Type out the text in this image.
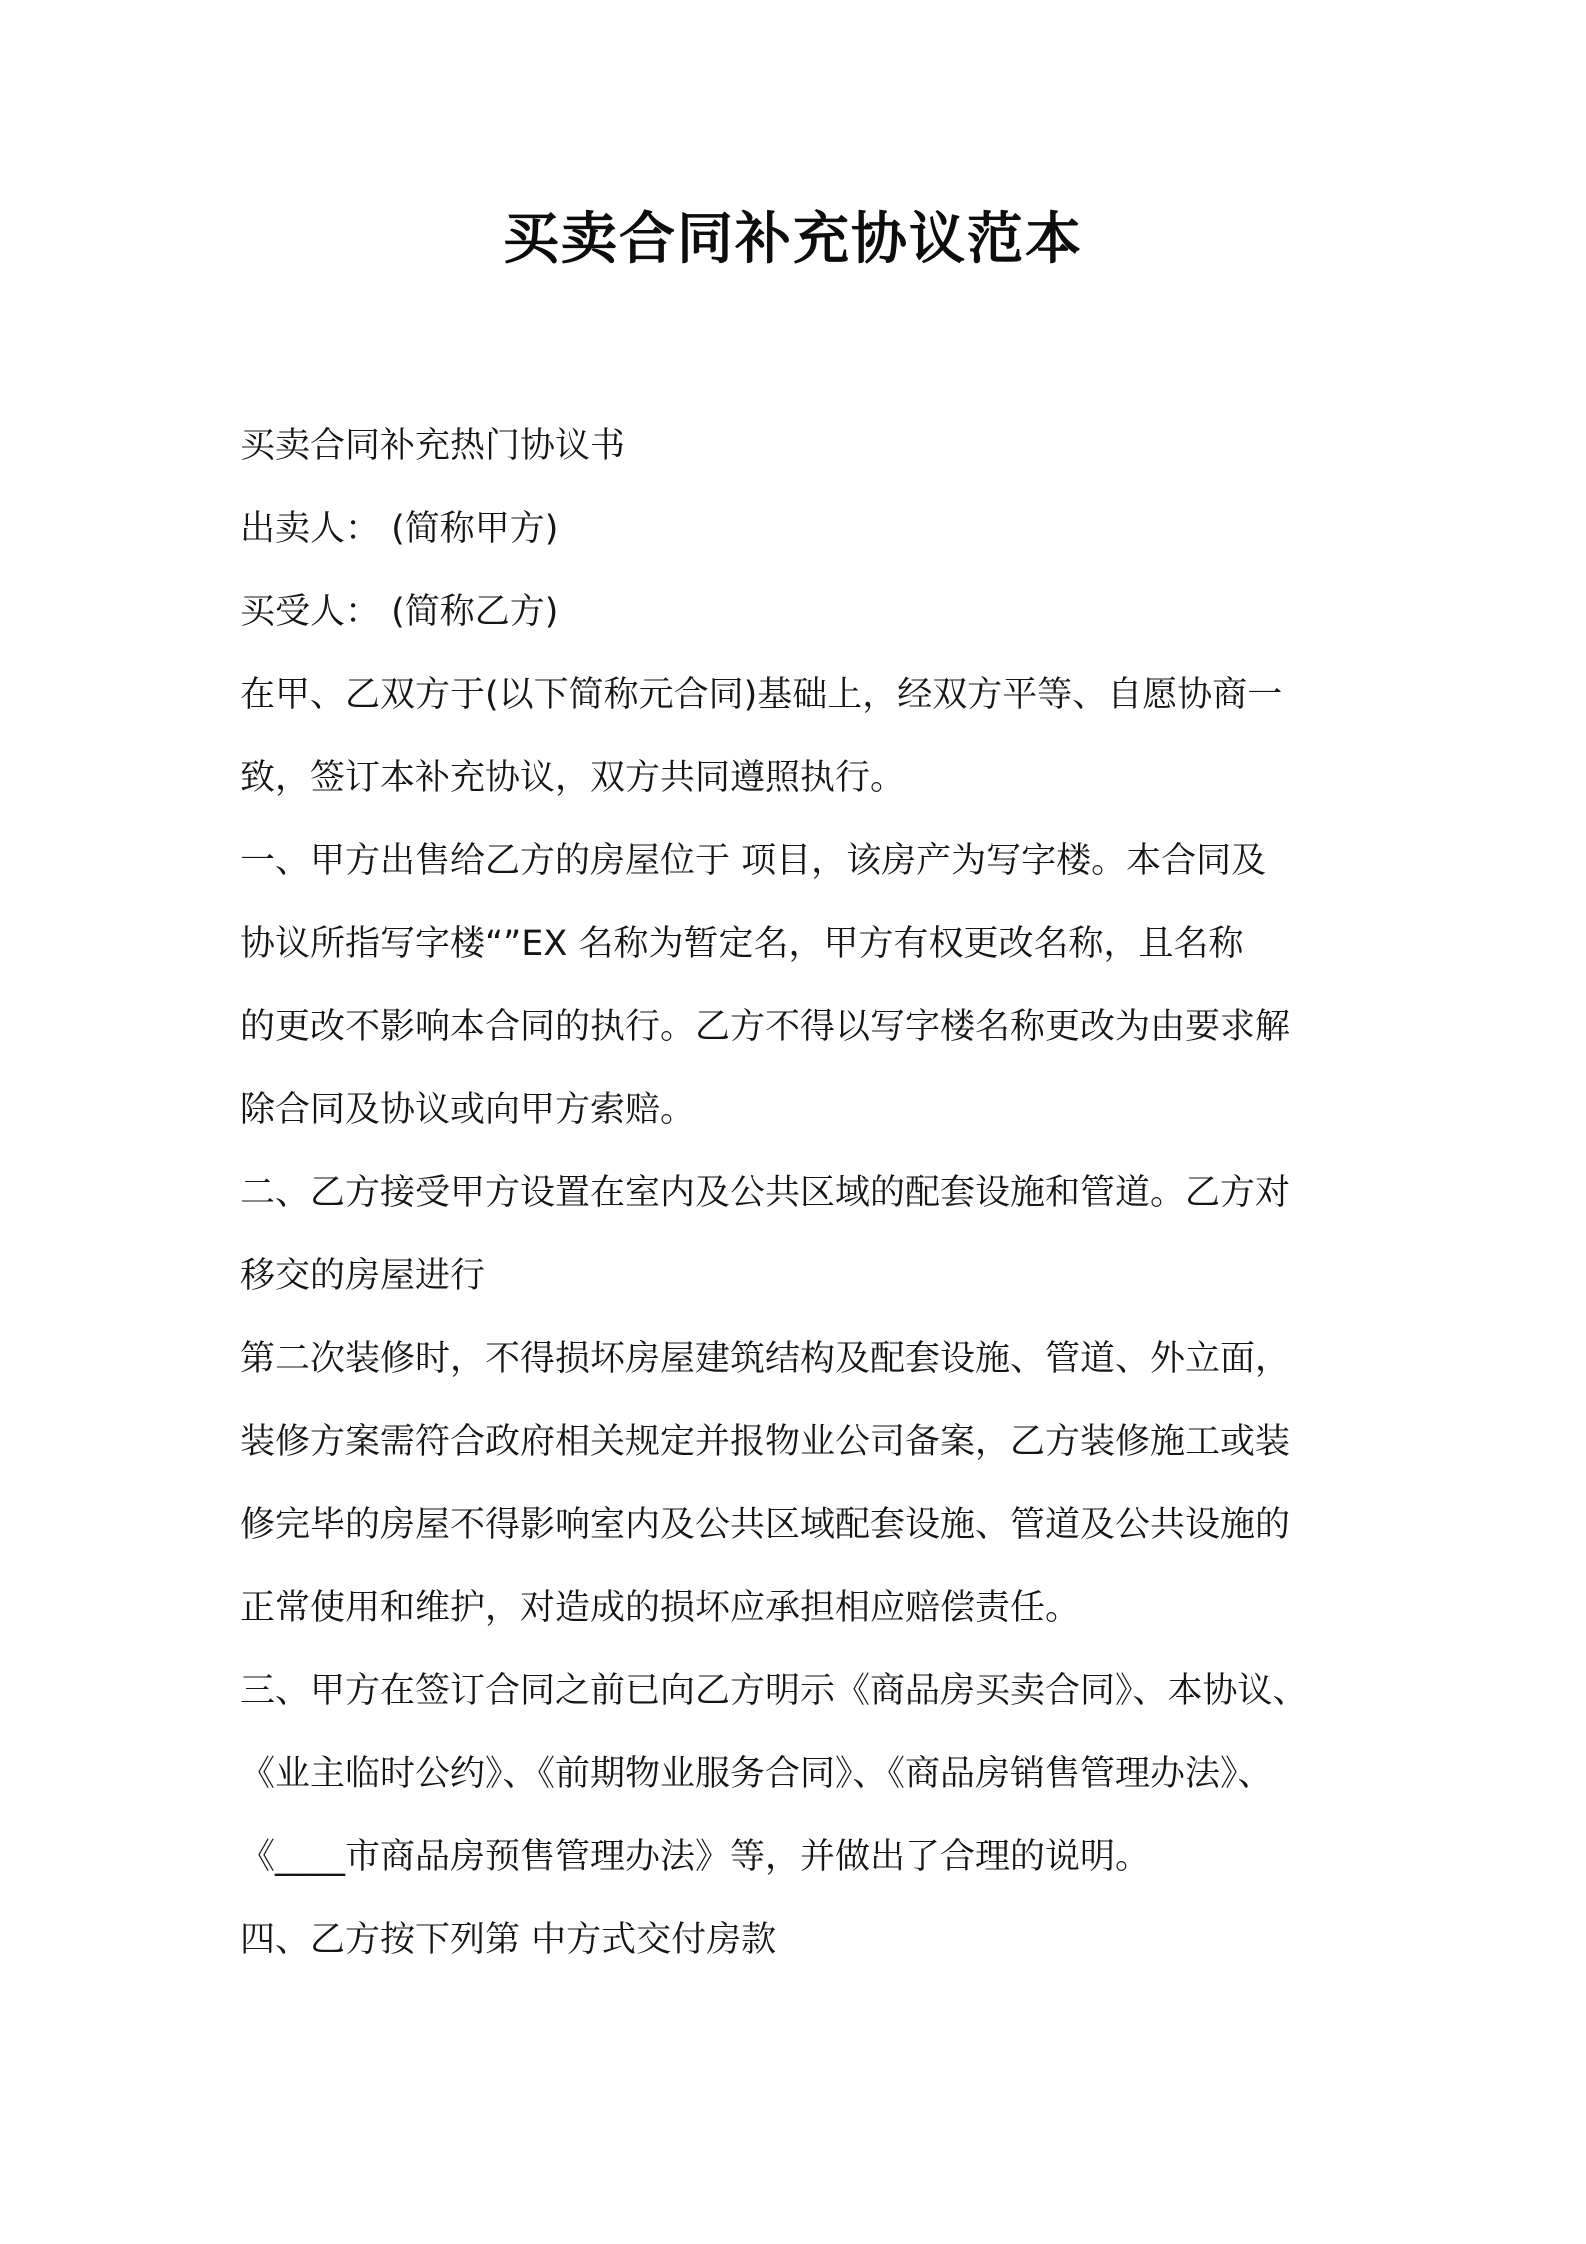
买卖合同补充协议范本
买卖合同补充热门协议书
出卖人： (简称甲方)
买受人： (简称乙方)
在甲、乙双方于(以下简称元合同)基础上，经双方平等、自愿协商一
致，签订本补充协议，双方共同遵照执行。
一、甲方出售给乙方的房屋位于 项目，该房产为写字楼。本合同及
协议所指写字楼“”EX 名称为暂定名，甲方有权更改名称，且名称
的更改不影响本合同的执行。乙方不得以写字楼名称更改为由要求解
除合同及协议或向甲方索赔。
二、乙方接受甲方设置在室内及公共区域的配套设施和管道。乙方对
移交的房屋进行
第二次装修时，不得损坏房屋建筑结构及配套设施、管道、外立面，
装修方案需符合政府相关规定并报物业公司备案，乙方装修施工或装
修完毕的房屋不得影响室内及公共区域配套设施、管道及公共设施的
正常使用和维护，对造成的损坏应承担相应赔偿责任。
三、甲方在签订合同之前已向乙方明示《商品房买卖合同》、本协议、
《业主临时公约》、《前期物业服务合同》、《商品房销售管理办法》、
《____市商品房预售管理办法》等，并做出了合理的说明。
四、乙方按下列第 中方式交付房款
